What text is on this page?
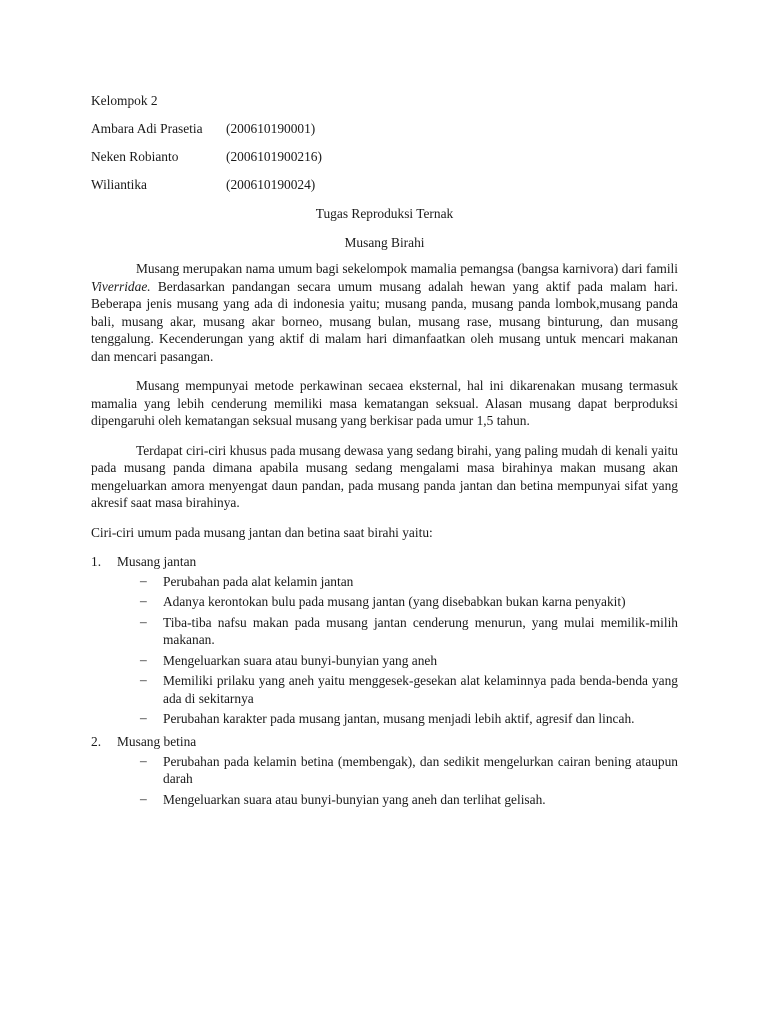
Kelompok 2

Ambara Adi Prasetia	(200610190001)
Neken Robianto	(2006101900216)
Wiliantika	(200610190024)

Tugas Reproduksi Ternak

Musang Birahi

Musang merupakan nama umum bagi sekelompok mamalia pemangsa (bangsa karnivora) dari famili Viverridae. Berdasarkan pandangan secara umum musang adalah hewan yang aktif pada malam hari. Beberapa jenis musang yang ada di indonesia yaitu; musang panda, musang panda lombok,musang panda bali, musang akar, musang akar borneo, musang bulan, musang rase, musang binturung, dan musang tenggalung. Kecenderungan yang aktif di malam hari dimanfaatkan oleh musang untuk mencari makanan dan mencari pasangan.

Musang mempunyai metode perkawinan secaea eksternal, hal ini dikarenakan musang termasuk mamalia yang lebih cenderung memiliki masa kematangan seksual. Alasan musang dapat berproduksi dipengaruhi oleh kematangan seksual musang yang berkisar pada umur 1,5 tahun.

Terdapat ciri-ciri khusus pada musang dewasa yang sedang birahi, yang paling mudah di kenali yaitu pada musang panda dimana apabila musang sedang mengalami masa birahinya makan musang akan mengeluarkan amora menyengat daun pandan, pada musang panda jantan dan betina mempunyai sifat yang akresif saat masa birahinya.

Ciri-ciri umum pada musang jantan dan betina saat birahi yaitu:

1.	Musang jantan
–	Perubahan pada alat kelamin jantan
–	Adanya kerontokan bulu pada musang jantan (yang disebabkan bukan karna penyakit)
–	Tiba-tiba nafsu makan pada musang jantan cenderung menurun, yang mulai memilik-milih makanan.
–	Mengeluarkan suara atau bunyi-bunyian yang aneh
–	Memiliki prilaku yang aneh yaitu menggesek-gesekan alat kelaminnya pada benda-benda yang ada di sekitarnya
–	Perubahan karakter pada musang jantan, musang menjadi lebih aktif, agresif dan lincah.
2.	Musang betina
–	Perubahan pada kelamin betina (membengak), dan sedikit mengelurkan cairan bening ataupun darah
–	Mengeluarkan suara atau bunyi-bunyian yang aneh dan terlihat gelisah.
